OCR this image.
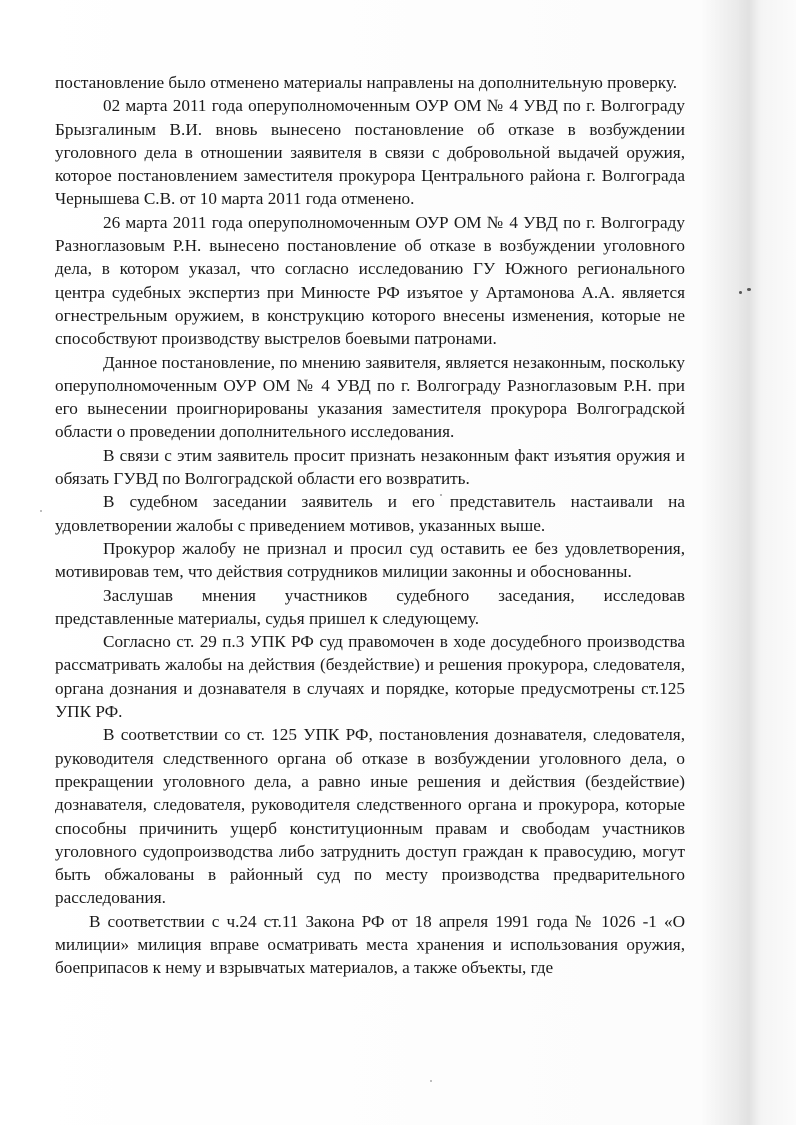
постановление было отменено материалы направлены на дополнительную проверку.

02 марта 2011 года оперуполномоченным ОУР ОМ № 4 УВД по г. Волгограду Брызгалиным В.И. вновь вынесено постановление об отказе в возбуждении уголовного дела в отношении заявителя в связи с добровольной выдачей оружия, которое постановлением заместителя прокурора Центрального района г. Волгограда Чернышева С.В. от 10 марта 2011 года отменено.

26 марта 2011 года оперуполномоченным ОУР ОМ № 4 УВД по г. Волгограду Разноглазовым Р.Н. вынесено постановление об отказе в возбуждении уголовного дела, в котором указал, что согласно исследованию ГУ Южного регионального центра судебных экспертиз при Минюсте РФ изъятое у Артамонова А.А. является огнестрельным оружием, в конструкцию которого внесены изменения, которые не способствуют производству выстрелов боевыми патронами.

Данное постановление, по мнению заявителя, является незаконным, поскольку оперуполномоченным ОУР ОМ № 4 УВД по г. Волгограду Разноглазовым Р.Н. при его вынесении проигнорированы указания заместителя прокурора Волгоградской области о проведении дополнительного исследования.

В связи с этим заявитель просит признать незаконным факт изъятия оружия и обязать ГУВД по Волгоградской области его возвратить.

В судебном заседании заявитель и его представитель настаивали на удовлетворении жалобы с приведением мотивов, указанных выше.

Прокурор жалобу не признал и просил суд оставить ее без удовлетворения, мотивировав тем, что действия сотрудников милиции законны и обоснованны.

Заслушав мнения участников судебного заседания, исследовав представленные материалы, судья пришел к следующему.

Согласно ст. 29 п.3 УПК РФ суд правомочен в ходе досудебного производства рассматривать жалобы на действия (бездействие) и решения прокурора, следователя, органа дознания и дознавателя в случаях и порядке, которые предусмотрены ст.125 УПК РФ.

В соответствии со ст. 125 УПК РФ, постановления дознавателя, следователя, руководителя следственного органа об отказе в возбуждении уголовного дела, о прекращении уголовного дела, а равно иные решения и действия (бездействие) дознавателя, следователя, руководителя следственного органа и прокурора, которые способны причинить ущерб конституционным правам и свободам участников уголовного судопроизводства либо затруднить доступ граждан к правосудию, могут быть обжалованы в районный суд по месту производства предварительного расследования.

В соответствии с ч.24 ст.11 Закона РФ от 18 апреля 1991 года № 1026 -1 «О милиции» милиция вправе осматривать места хранения и использования оружия, боеприпасов к нему и взрывчатых материалов, а также объекты, где
